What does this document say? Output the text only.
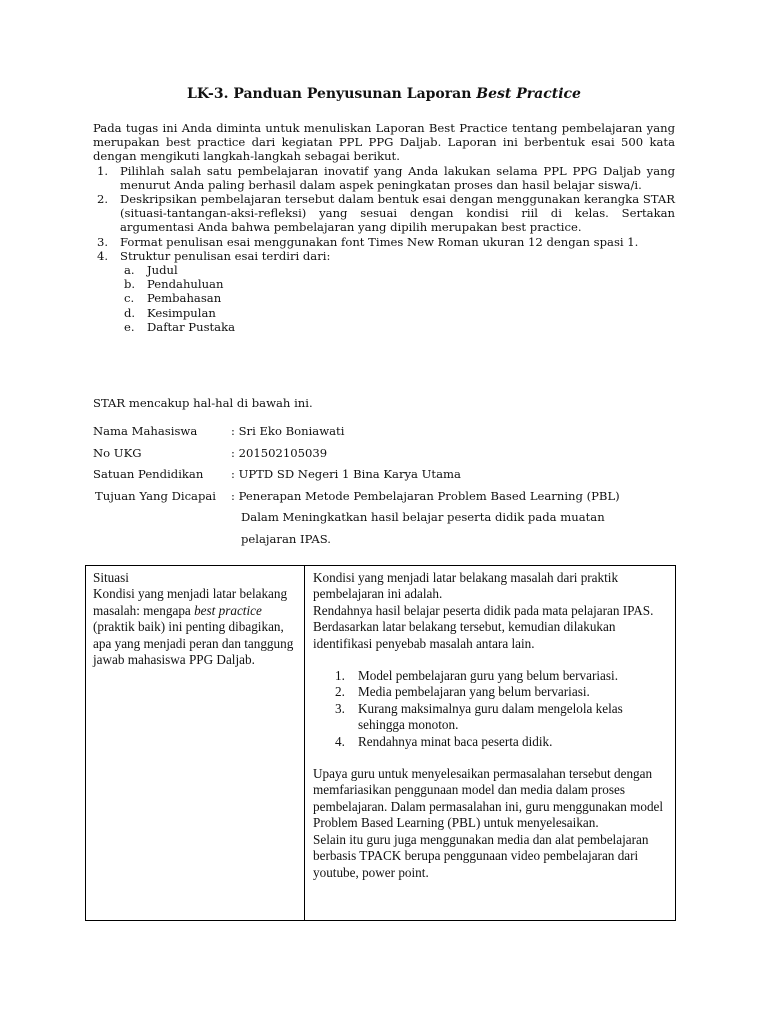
LK-3. Panduan Penyusunan Laporan Best Practice

Pada tugas ini Anda diminta untuk menuliskan Laporan Best Practice tentang pembelajaran yang merupakan best practice dari kegiatan PPL PPG Daljab. Laporan ini berbentuk esai 500 kata dengan mengikuti langkah-langkah sebagai berikut.

1. Pilihlah salah satu pembelajaran inovatif yang Anda lakukan selama PPL PPG Daljab yang menurut Anda paling berhasil dalam aspek peningkatan proses dan hasil belajar siswa/i.
2. Deskripsikan pembelajaran tersebut dalam bentuk esai dengan menggunakan kerangka STAR (situasi-tantangan-aksi-refleksi) yang sesuai dengan kondisi riil di kelas. Sertakan argumentasi Anda bahwa pembelajaran yang dipilih merupakan best practice.
3. Format penulisan esai menggunakan font Times New Roman ukuran 12 dengan spasi 1.
4. Struktur penulisan esai terdiri dari:
a. Judul
b. Pendahuluan
c. Pembahasan
d. Kesimpulan
e. Daftar Pustaka
STAR mencakup hal-hal di bawah ini.
Nama Mahasiswa	: Sri Eko Boniawati
No UKG	: 201502105039
Satuan Pendidikan : UPTD SD Negeri 1 Bina Karya Utama
Tujuan Yang Dicapai : Penerapan Metode Pembelajaran Problem Based Learning (PBL)
Dalam Meningkatkan hasil belajar peserta didik pada muatan
pelajaran IPAS.

Situasi

Kondisi yang menjadi latar belakang masalah: mengapa best practice (praktik baik) ini penting dibagikan, apa yang menjadi peran dan tanggung jawab mahasiswa PPG Daljab.

Kondisi yang menjadi latar belakang masalah dari praktik pembelajaran ini adalah.

Rendahnya hasil belajar peserta didik pada mata pelajaran IPAS.

Berdasarkan latar belakang tersebut, kemudian dilakukan identifikasi penyebab masalah antara lain.

1. Model pembelajaran guru yang belum bervariasi.
2. Media pembelajaran yang belum bervariasi.
3. Kurang maksimalnya guru dalam mengelola kelas sehingga monoton.
4. Rendahnya minat baca peserta didik.

Upaya guru untuk menyelesaikan permasalahan tersebut dengan memfariasikan penggunaan model dan media dalam proses pembelajaran. Dalam permasalahan ini, guru menggunakan model Problem Based Learning (PBL) untuk menyelesaikan.

Selain itu guru juga menggunakan media dan alat pembelajaran berbasis TPACK berupa penggunaan video pembelajaran dari youtube, power point.
